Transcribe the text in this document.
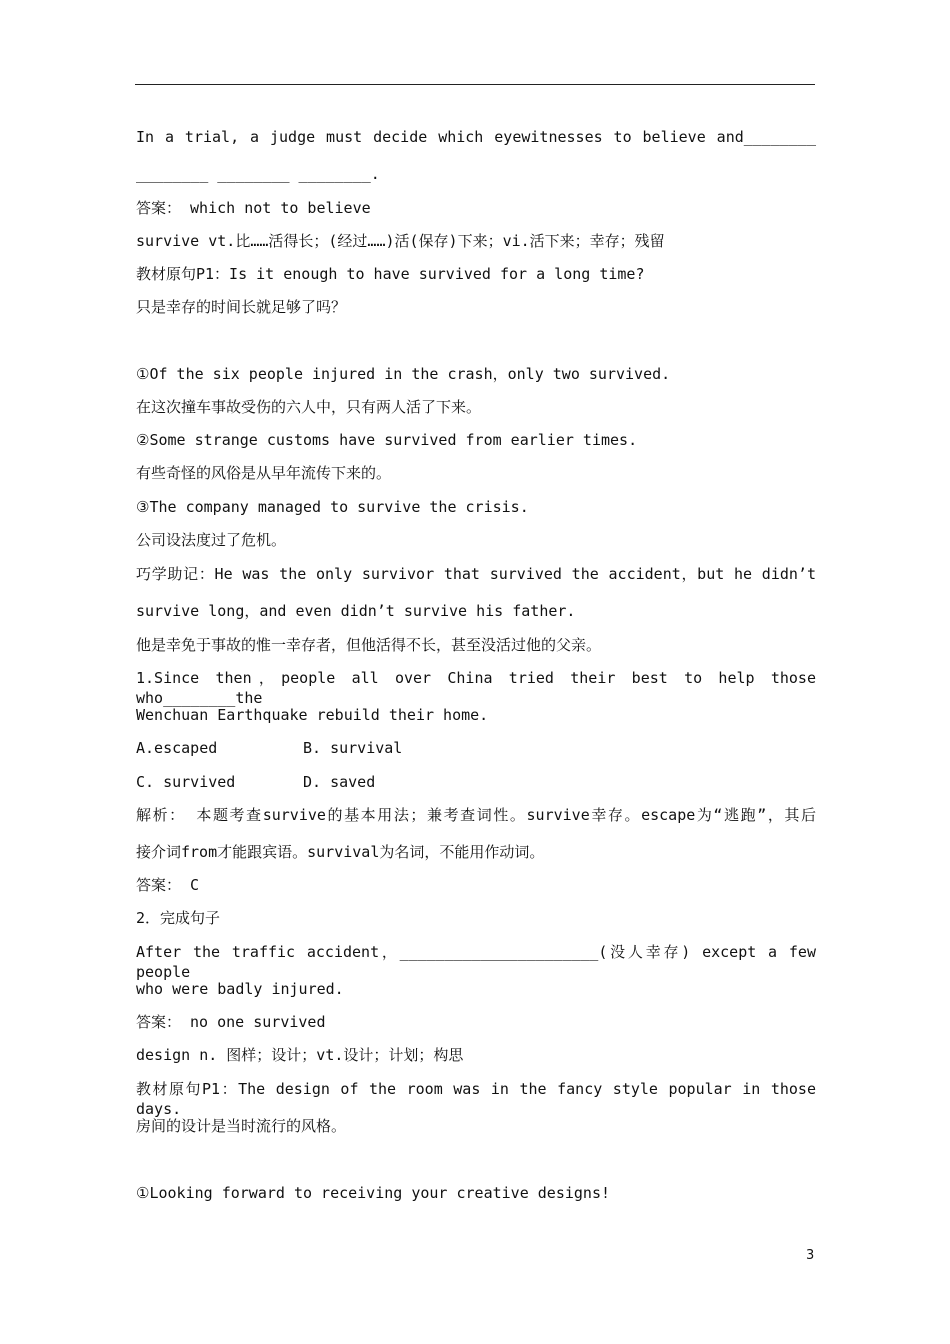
In a trial, a judge must decide which eyewitnesses to believe and________
________ ________ ________.
答案： which not to believe
survive vt.比……活得长；(经过……)活(保存)下来；vi.活下来；幸存；残留
教材原句P1：Is it enough to have survived for a long time?
只是幸存的时间长就足够了吗？
①Of the six people injured in the crash，only two survived.
在这次撞车事故受伤的六人中，只有两人活了下来。
②Some strange customs have survived from earlier times.
有些奇怪的风俗是从早年流传下来的。
③The company managed to survive the crisis.
公司设法度过了危机。
巧学助记：He was the only survivor that survived the accident，but he didn’t
survive long，and even didn’t survive his father.
他是幸免于事故的惟一幸存者，但他活得不长，甚至没活过他的父亲。
1.Since then，people all over China tried their best to help those who________the
Wenchuan Earthquake rebuild their home.
A.escaped	B. survival
C. survived	D. saved
解析： 本题考查survive的基本用法；兼考查词性。survive幸存。escape为“逃跑”，其后
接介词from才能跟宾语。survival为名词，不能用作动词。
答案： C
2．完成句子
After the traffic accident，______________________(没人幸存) except a few people
who were badly injured.
答案： no one survived
design n. 图样；设计；vt.设计；计划；构思
教材原句P1：The design of the room was in the fancy style popular in those days.
房间的设计是当时流行的风格。
①Looking forward to receiving your creative designs!
3
